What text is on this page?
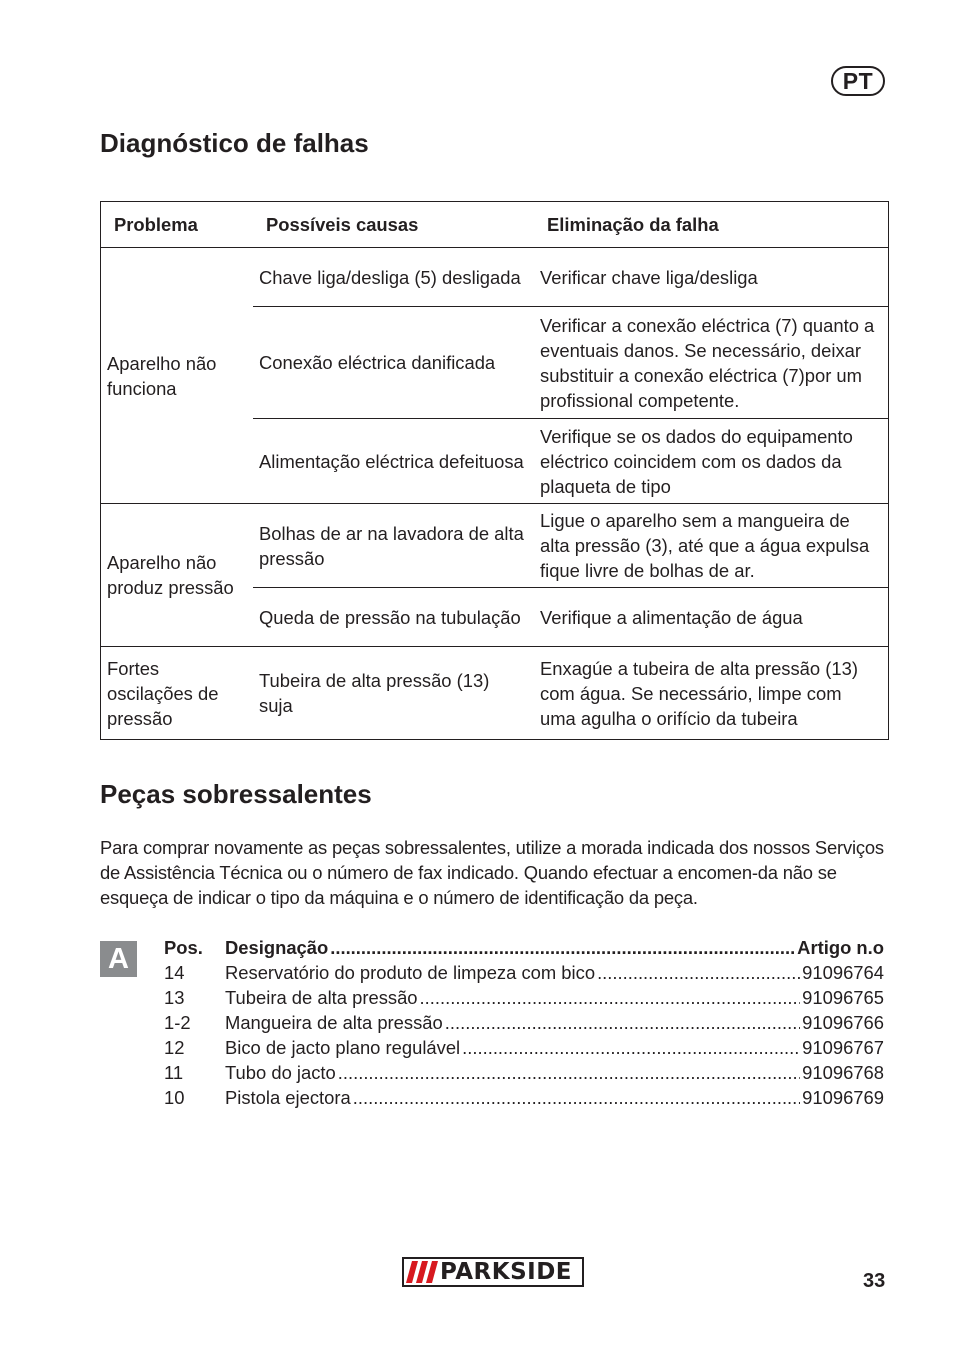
PT
Diagnóstico de falhas
Problema	Possíveis causas	Eliminação da falha
Aparelho não funciona	Chave liga/desliga (5) desligada	Verificar chave liga/desliga
	Conexão eléctrica danificada	Verificar a conexão eléctrica (7) quanto a eventuais danos. Se necessário, deixar substituir a conexão eléctrica (7)por um profissional competente.
	Alimentação eléctrica defeituosa	Verifique se os dados do equipamento eléctrico coincidem com os dados da plaqueta de tipo
Aparelho não produz pressão	Bolhas de ar na lavadora de alta pressão	Ligue o aparelho sem a mangueira de alta pressão (3), até que a água expulsa fique livre de bolhas de ar.
	Queda de pressão na tubulação	Verifique a alimentação de água
Fortes oscilações de pressão	Tubeira de alta pressão (13) suja	Enxagúe a tubeira de alta pressão (13) com água. Se necessário, limpe com uma agulha o orifício da tubeira
Peças sobressalentes

Para comprar novamente as peças sobressalentes, utilize a morada indicada dos nossos Serviços de Assistência Técnica ou o número de fax indicado. Quando efectuar a encomen-da não se esqueça de indicar o tipo da máquina e o número de identificação da peça.

A	Pos.	Designação .....	Artigo n.o
14	Reservatório do produto de limpeza com bico .....	91096764
13	Tubeira de alta pressão .....	91096765
1-2	Mangueira de alta pressão .....	91096766
12	Bico de jacto plano regulável .....	91096767
11	Tubo do jacto .....	91096768
10	Pistola ejectora .....	91096769
PARKSIDE	33
